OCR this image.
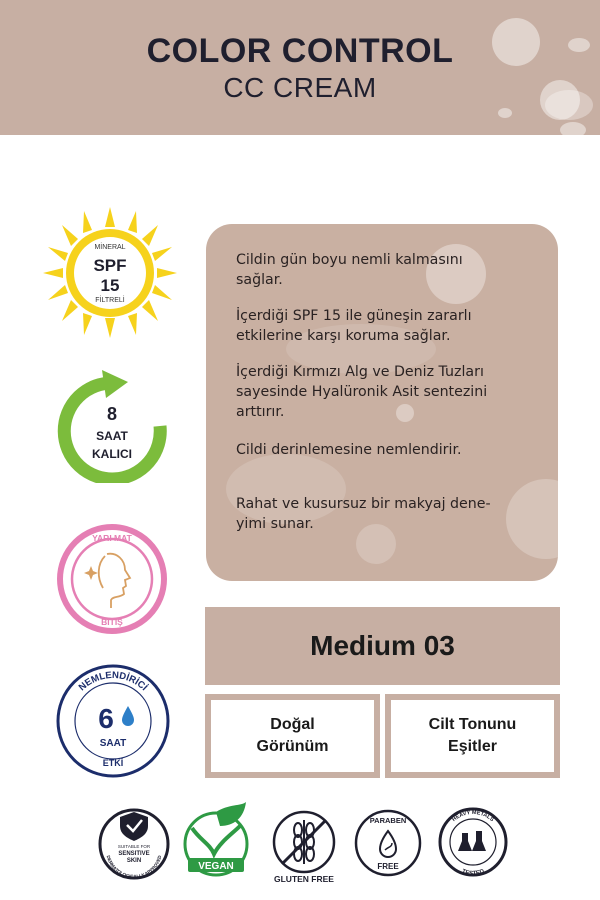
COLOR CONTROL
CC CREAM
MİNERAL
SPF
15
FİLTRELİ
8
SAAT
KALICI
YARI MAT
BİTİŞ
NEMLENDİRİCİ
6
SAAT
ETKİ
Cildin gün boyu nemli kalmasını
sağlar.
İçerdiği SPF 15 ile güneşin zararlı
etkilerine karşı koruma sağlar.
İçerdiği Kırmızı Alg ve Deniz Tuzları
sayesinde Hyalüronik Asit sentezini
arttırır.
Cildi derinlemesine nemlendirir.
Rahat ve kusursuz bir makyaj dene-
yimi sunar.
Medium 03
Doğal
Görünüm
Cilt Tonunu
Eşitler
DERMATOLOGICALLY APPROVED
SUITABLE FOR
SENSITIVE
SKIN	VEGAN
GLUTEN FREE
PARABEN
FREE
HEAVY METALS
TESTED
